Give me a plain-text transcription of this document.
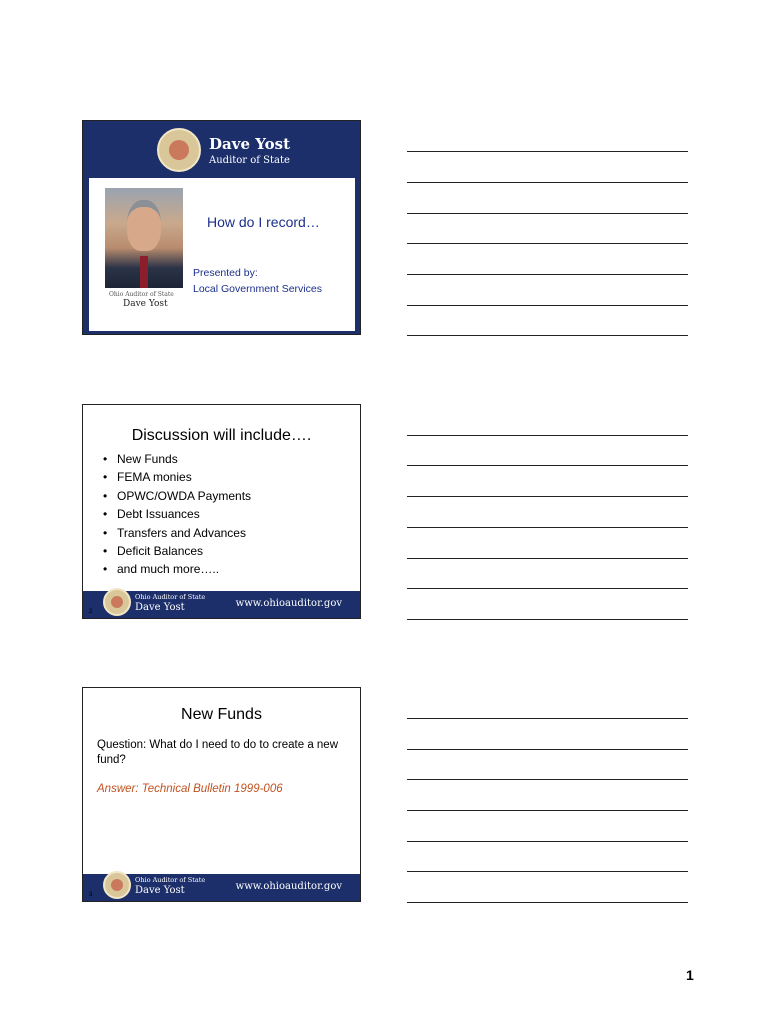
Dave Yost
Auditor of State
Ohio Auditor of State
Dave Yost
How do I record…
Presented by:
Local Government Services
www.ohioauditor.gov
1
Discussion will include….
• New Funds
• FEMA monies
• OPWC/OWDA Payments
• Debt Issuances
• Transfers and Advances
• Deficit Balances
• and much more…..
2
Ohio Auditor of State
Dave Yost	www.ohioauditor.gov
New Funds
Question: What do I need to do to create a new fund?
Answer: Technical Bulletin 1999-006
3
Ohio Auditor of State
Dave Yost	www.ohioauditor.gov
1
